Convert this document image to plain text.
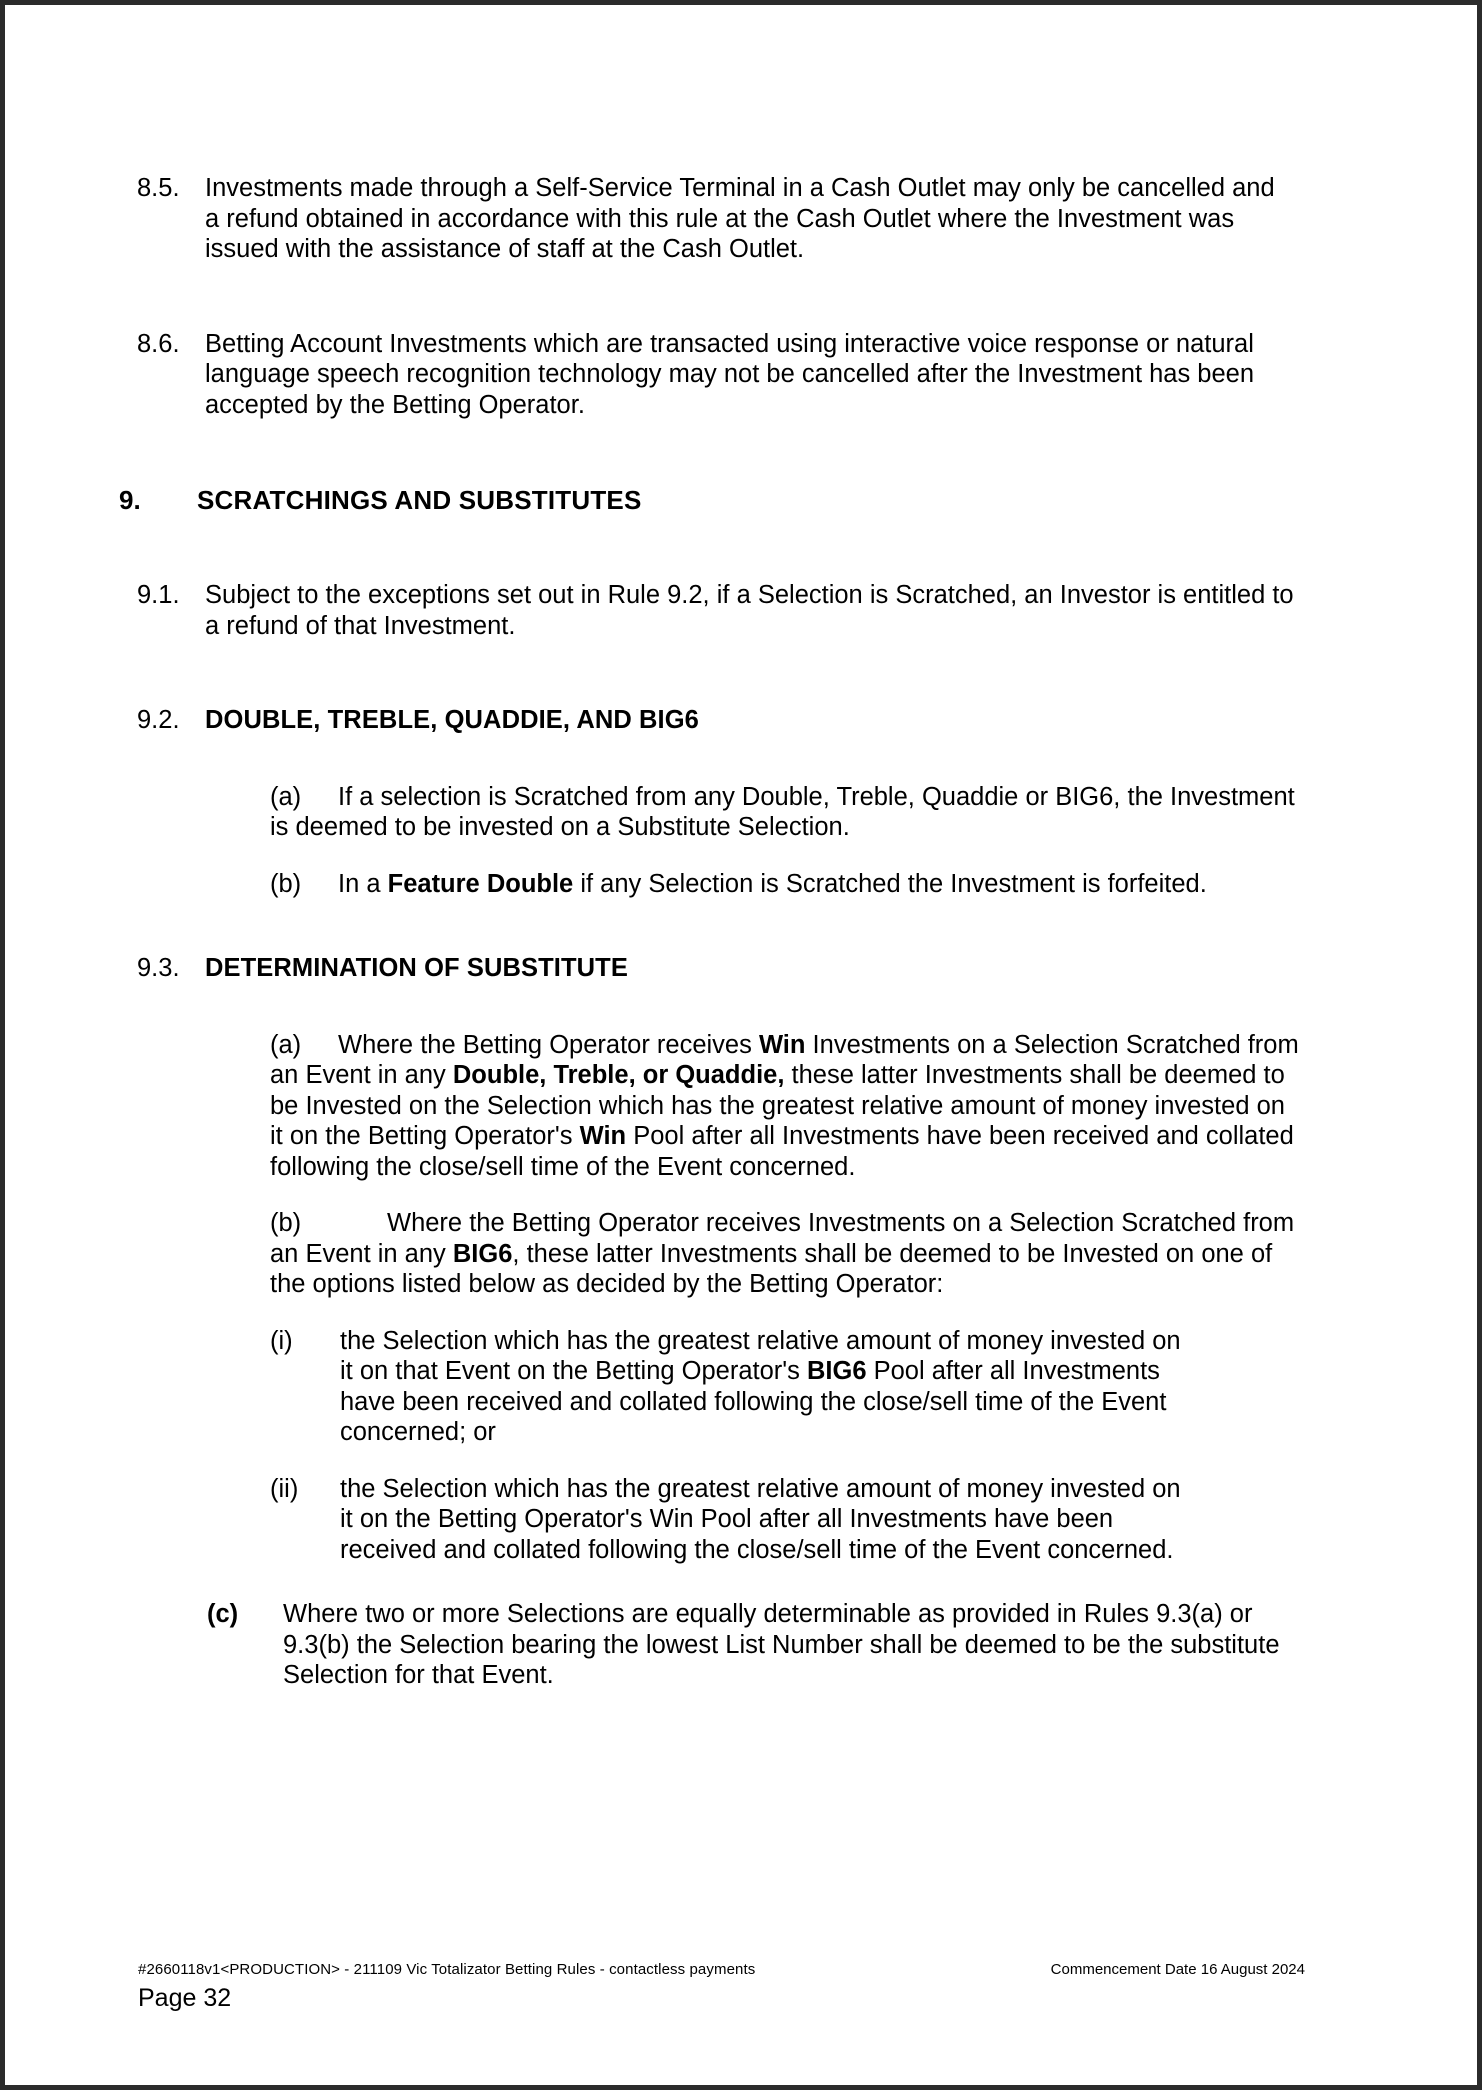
8.5. Investments made through a Self-Service Terminal in a Cash Outlet may only be cancelled and a refund obtained in accordance with this rule at the Cash Outlet where the Investment was issued with the assistance of staff at the Cash Outlet.
8.6. Betting Account Investments which are transacted using interactive voice response or natural language speech recognition technology may not be cancelled after the Investment has been accepted by the Betting Operator.
9.	SCRATCHINGS AND SUBSTITUTES
9.1. Subject to the exceptions set out in Rule 9.2, if a Selection is Scratched, an Investor is entitled to a refund of that Investment.
9.2. DOUBLE, TREBLE, QUADDIE, AND BIG6
(a) If a selection is Scratched from any Double, Treble, Quaddie or BIG6, the Investment is deemed to be invested on a Substitute Selection.
(b) In a Feature Double if any Selection is Scratched the Investment is forfeited.
9.3. DETERMINATION OF SUBSTITUTE
(a) Where the Betting Operator receives Win Investments on a Selection Scratched from an Event in any Double, Treble, or Quaddie, these latter Investments shall be deemed to be Invested on the Selection which has the greatest relative amount of money invested on it on the Betting Operator's Win Pool after all Investments have been received and collated following the close/sell time of the Event concerned.
(b)	Where the Betting Operator receives Investments on a Selection Scratched from an Event in any BIG6, these latter Investments shall be deemed to be Invested on one of the options listed below as decided by the Betting Operator:
(i)	the Selection which has the greatest relative amount of money invested on it on that Event on the Betting Operator's BIG6 Pool after all Investments have been received and collated following the close/sell time of the Event concerned; or
(ii)	the Selection which has the greatest relative amount of money invested on it on the Betting Operator's Win Pool after all Investments have been received and collated following the close/sell time of the Event concerned.
(c)	Where two or more Selections are equally determinable as provided in Rules 9.3(a) or 9.3(b) the Selection bearing the lowest List Number shall be deemed to be the substitute Selection for that Event.
#2660118v1<PRODUCTION> - 211109 Vic Totalizator Betting Rules - contactless payments	Commencement Date 16 August 2024
Page 32
